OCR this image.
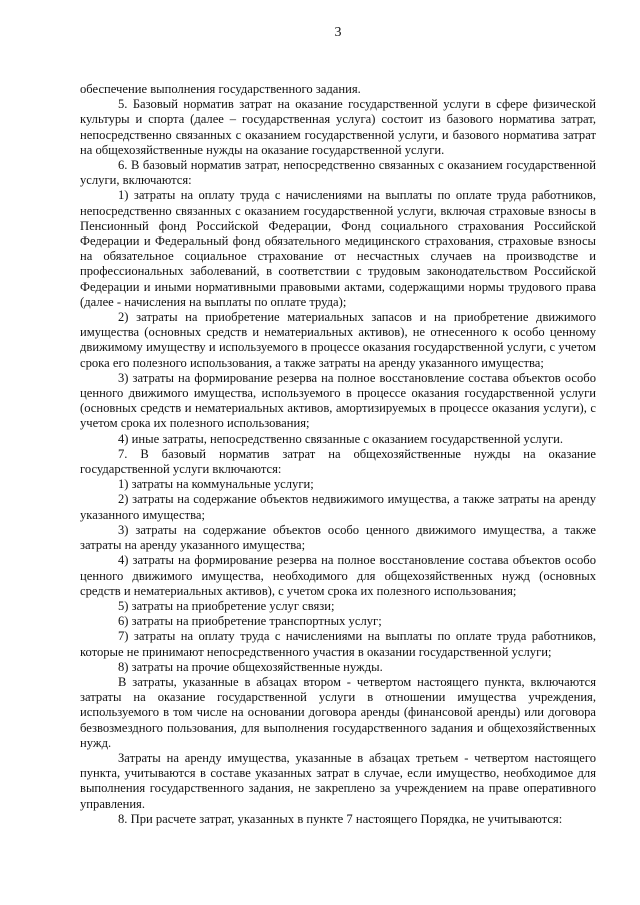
3

обеспечение выполнения государственного задания.

5. Базовый норматив затрат на оказание государственной услуги в сфере физической культуры и спорта (далее – государственная услуга) состоит из базового норматива затрат, непосредственно связанных с оказанием государственной услуги, и базового норматива затрат на общехозяйственные нужды на оказание государственной услуги.

6. В базовый норматив затрат, непосредственно связанных с оказанием государственной услуги, включаются:

1) затраты на оплату труда с начислениями на выплаты по оплате труда работников, непосредственно связанных с оказанием государственной услуги, включая страховые взносы в Пенсионный фонд Российской Федерации, Фонд социального страхования Российской Федерации и Федеральный фонд обязательного медицинского страхования, страховые взносы на обязательное социальное страхование от несчастных случаев на производстве и профессиональных заболеваний, в соответствии с трудовым законодательством Российской Федерации и иными нормативными правовыми актами, содержащими нормы трудового права (далее - начисления на выплаты по оплате труда);

2) затраты на приобретение материальных запасов и на приобретение движимого имущества (основных средств и нематериальных активов), не отнесенного к особо ценному движимому имуществу и используемого в процессе оказания государственной услуги, с учетом срока его полезного использования, а также затраты на аренду указанного имущества;

3) затраты на формирование резерва на полное восстановление состава объектов особо ценного движимого имущества, используемого в процессе оказания государственной услуги (основных средств и нематериальных активов, амортизируемых в процессе оказания услуги), с учетом срока их полезного использования;

4) иные затраты, непосредственно связанные с оказанием государственной услуги.

7. В базовый норматив затрат на общехозяйственные нужды на оказание государственной услуги включаются:

1) затраты на коммунальные услуги;

2) затраты на содержание объектов недвижимого имущества, а также затраты на аренду указанного имущества;

3) затраты на содержание объектов особо ценного движимого имущества, а также затраты на аренду указанного имущества;

4) затраты на формирование резерва на полное восстановление состава объектов особо ценного движимого имущества, необходимого для общехозяйственных нужд (основных средств и нематериальных активов), с учетом срока их полезного использования;

5) затраты на приобретение услуг связи;

6) затраты на приобретение транспортных услуг;

7) затраты на оплату труда с начислениями на выплаты по оплате труда работников, которые не принимают непосредственного участия в оказании государственной услуги;

8) затраты на прочие общехозяйственные нужды.

В затраты, указанные в абзацах втором - четвертом настоящего пункта, включаются затраты на оказание государственной услуги в отношении имущества учреждения, используемого в том числе на основании договора аренды (финансовой аренды) или договора безвозмездного пользования, для выполнения государственного задания и общехозяйственных нужд.

Затраты на аренду имущества, указанные в абзацах третьем - четвертом настоящего пункта, учитываются в составе указанных затрат в случае, если имущество, необходимое для выполнения государственного задания, не закреплено за учреждением на праве оперативного управления.

8. При расчете затрат, указанных в пункте 7 настоящего Порядка, не учитываются:
